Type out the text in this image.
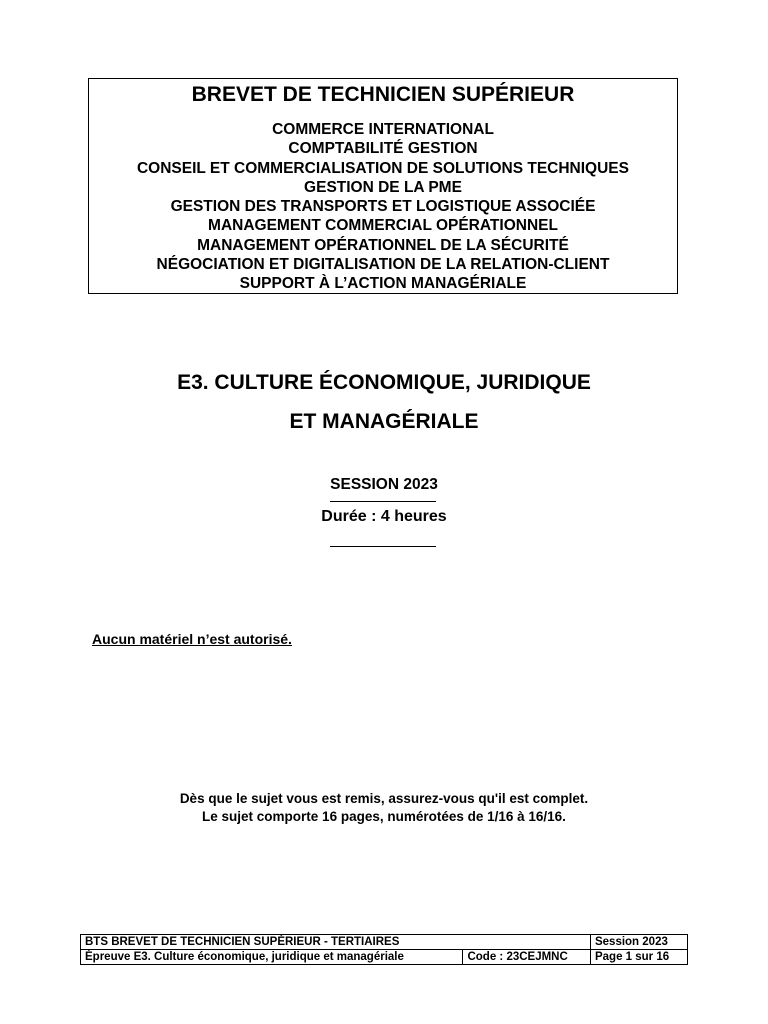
BREVET DE TECHNICIEN SUPÉRIEUR
COMMERCE INTERNATIONAL
COMPTABILITÉ GESTION
CONSEIL ET COMMERCIALISATION DE SOLUTIONS TECHNIQUES
GESTION DE LA PME
GESTION DES TRANSPORTS ET LOGISTIQUE ASSOCIÉE
MANAGEMENT COMMERCIAL OPÉRATIONNEL
MANAGEMENT OPÉRATIONNEL DE LA SÉCURITÉ
NÉGOCIATION ET DIGITALISATION DE LA RELATION-CLIENT
SUPPORT À L’ACTION MANAGÉRIALE
E3. CULTURE ÉCONOMIQUE, JURIDIQUE
ET MANAGÉRIALE
SESSION 2023
Durée : 4 heures
Aucun matériel n’est autorisé.
Dès que le sujet vous est remis, assurez-vous qu'il est complet.
Le sujet comporte 16 pages, numérotées de 1/16 à 16/16.
BTS BREVET DE TECHNICIEN SUPÉRIEUR - TERTIAIRES		Session 2023
Épreuve E3. Culture économique, juridique et managériale	Code : 23CEJMNC	Page 1 sur 16
